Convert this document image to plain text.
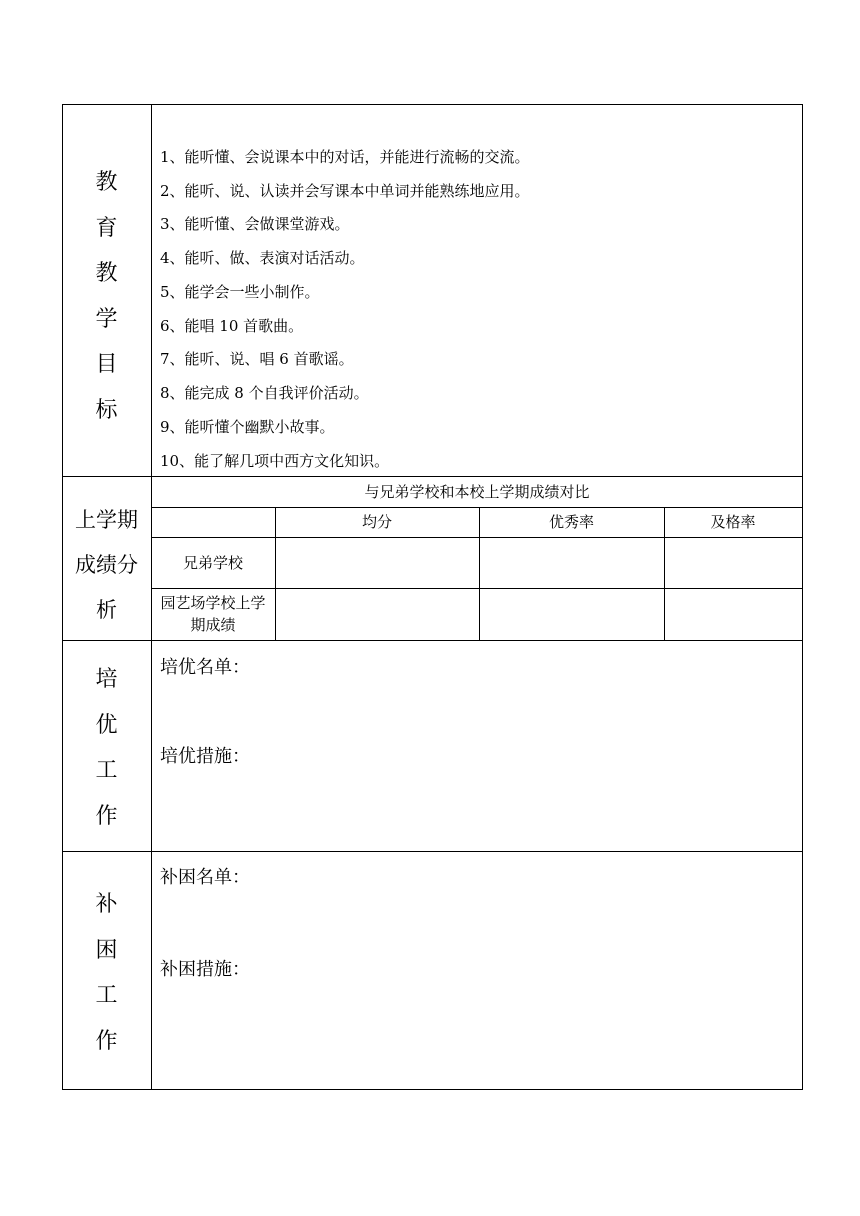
教
育
教
学
目
标
1、能听懂、会说课本中的对话，并能进行流畅的交流。
2、能听、说、认读并会写课本中单词并能熟练地应用。
3、能听懂、会做课堂游戏。
4、能听、做、表演对话活动。
5、能学会一些小制作。
6、能唱 10 首歌曲。
7、能听、说、唱 6 首歌谣。
8、能完成 8 个自我评价活动。
9、能听懂个幽默小故事。
10、能了解几项中西方文化知识。
上学期
成绩分
析
与兄弟学校和本校上学期成绩对比
均分	优秀率	及格率
兄弟学校
园艺场学校上学期成绩
培
优
工
作
培优名单：
培优措施：
补
困
工
作
补困名单：
补困措施：
